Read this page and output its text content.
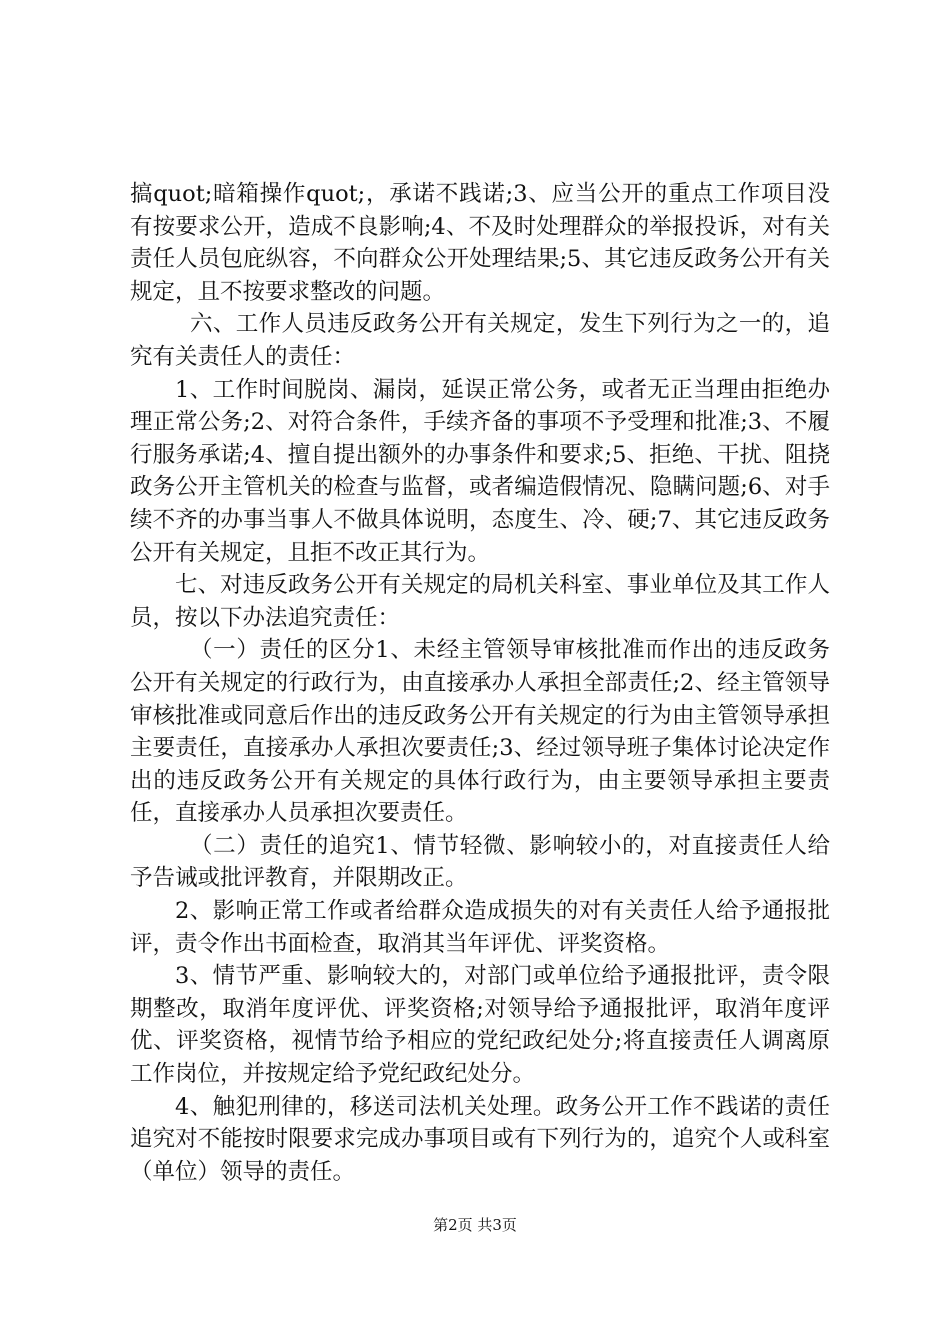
搞quot;暗箱操作quot;，承诺不践诺;3、应当公开的重点工作项目没有按要求公开，造成不良影响;4、不及时处理群众的举报投诉，对有关责任人员包庇纵容，不向群众公开处理结果;5、其它违反政务公开有关规定，且不按要求整改的问题。

六、工作人员违反政务公开有关规定，发生下列行为之一的，追究有关责任人的责任：

1、工作时间脱岗、漏岗，延误正常公务，或者无正当理由拒绝办理正常公务;2、对符合条件，手续齐备的事项不予受理和批准;3、不履行服务承诺;4、擅自提出额外的办事条件和要求;5、拒绝、干扰、阻挠政务公开主管机关的检查与监督，或者编造假情况、隐瞒问题;6、对手续不齐的办事当事人不做具体说明，态度生、冷、硬;7、其它违反政务公开有关规定，且拒不改正其行为。

七、对违反政务公开有关规定的局机关科室、事业单位及其工作人员，按以下办法追究责任：

（一）责任的区分1、未经主管领导审核批准而作出的违反政务公开有关规定的行政行为，由直接承办人承担全部责任;2、经主管领导审核批准或同意后作出的违反政务公开有关规定的行为由主管领导承担主要责任，直接承办人承担次要责任;3、经过领导班子集体讨论决定作出的违反政务公开有关规定的具体行政行为，由主要领导承担主要责任，直接承办人员承担次要责任。

（二）责任的追究1、情节轻微、影响较小的，对直接责任人给予告诫或批评教育，并限期改正。

2、影响正常工作或者给群众造成损失的对有关责任人给予通报批评，责令作出书面检查，取消其当年评优、评奖资格。

3、情节严重、影响较大的，对部门或单位给予通报批评，责令限期整改，取消年度评优、评奖资格;对领导给予通报批评，取消年度评优、评奖资格，视情节给予相应的党纪政纪处分;将直接责任人调离原工作岗位，并按规定给予党纪政纪处分。

4、触犯刑律的，移送司法机关处理。政务公开工作不践诺的责任追究对不能按时限要求完成办事项目或有下列行为的，追究个人或科室（单位）领导的责任。

第2页 共3页
